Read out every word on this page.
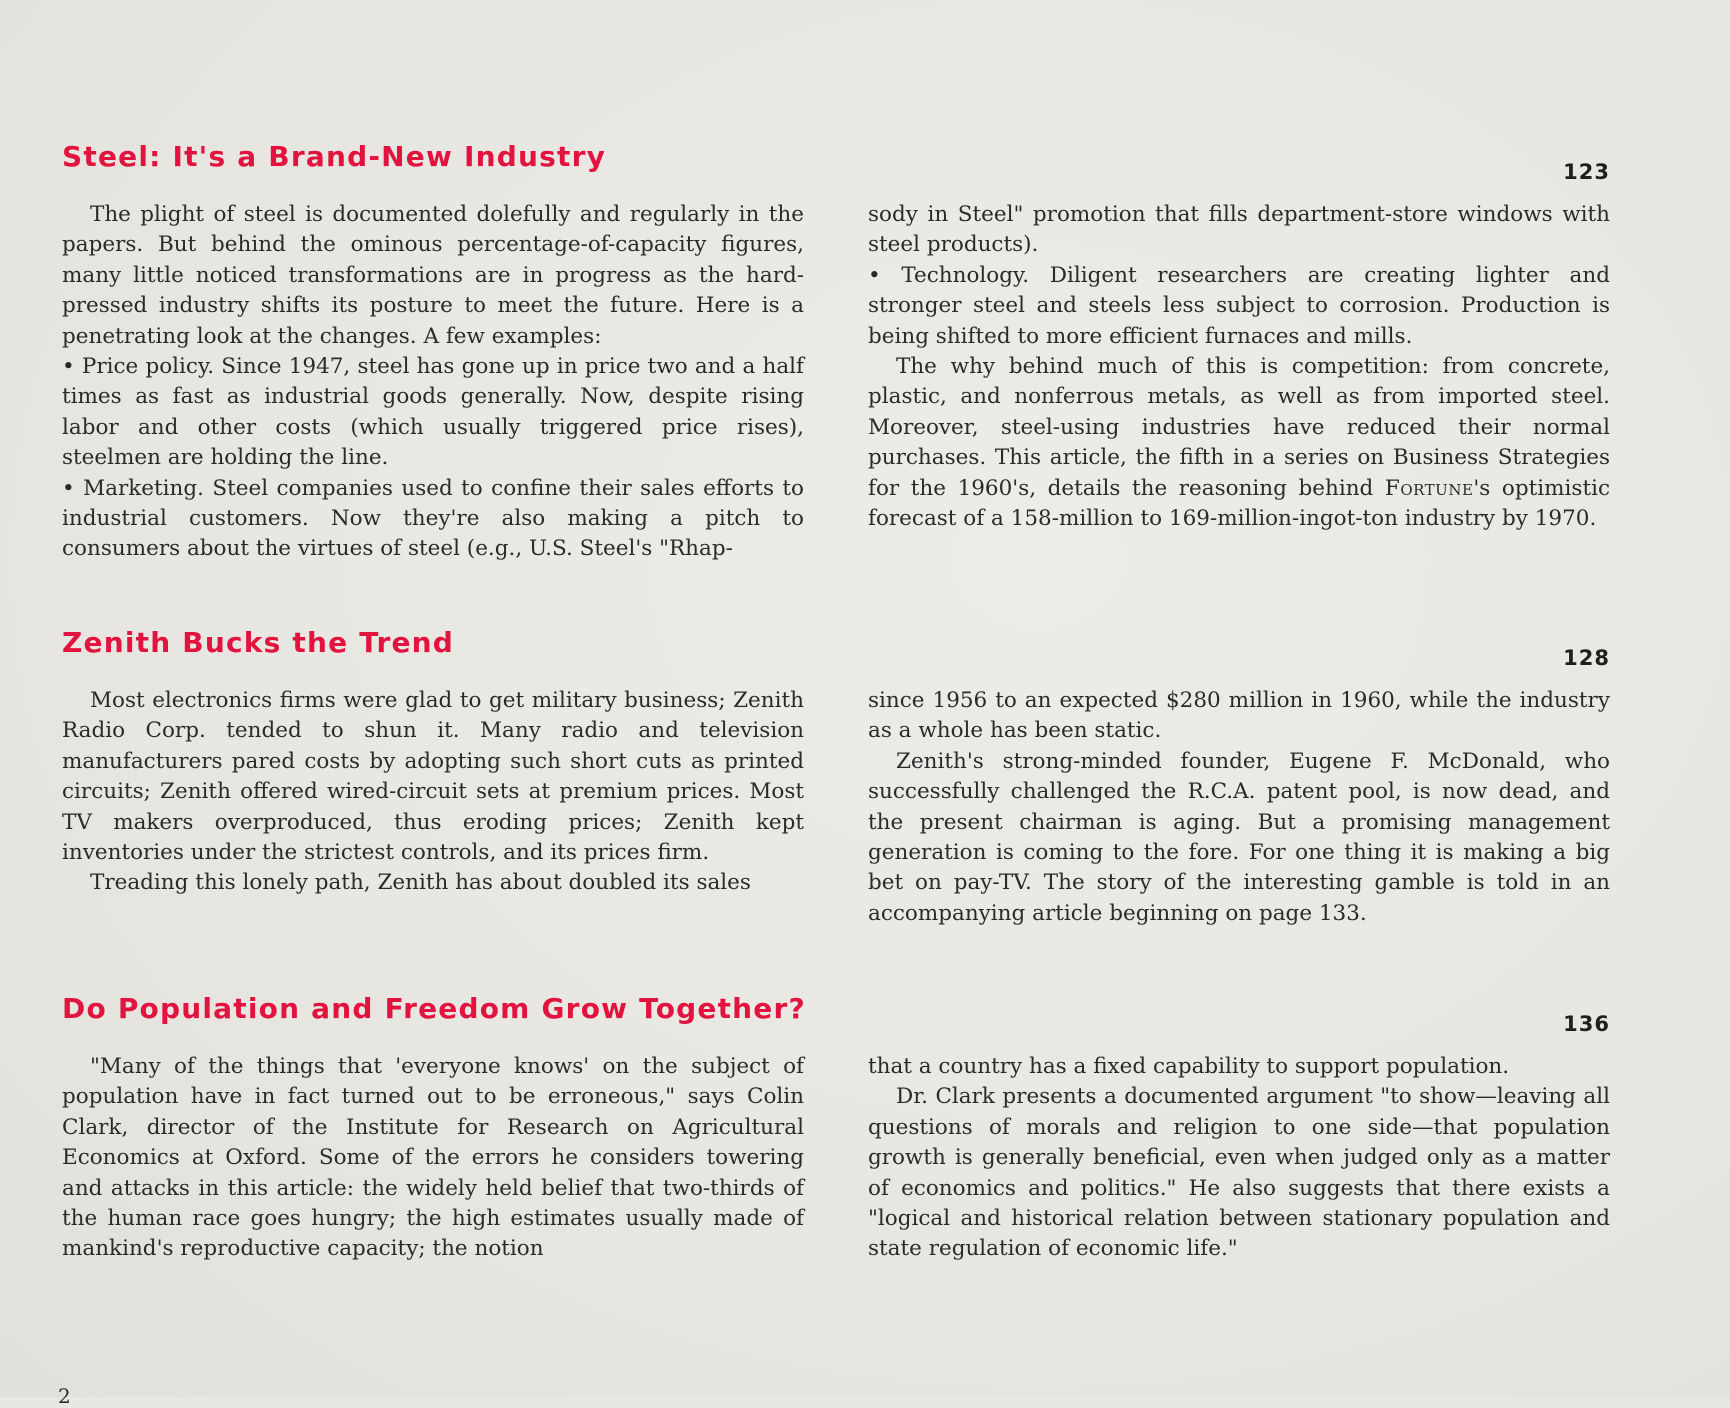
Steel: It's a Brand-New Industry	123

The plight of steel is documented dolefully and regularly in the papers. But behind the ominous percentage-of-capacity figures, many little noticed transformations are in progress as the hard-pressed industry shifts its posture to meet the future. Here is a penetrating look at the changes. A few examples:

• Price policy. Since 1947, steel has gone up in price two and a half times as fast as industrial goods generally. Now, despite rising labor and other costs (which usually triggered price rises), steelmen are holding the line.

• Marketing. Steel companies used to confine their sales efforts to industrial customers. Now they're also making a pitch to consumers about the virtues of steel (e.g., U.S. Steel's "Rhap-

sody in Steel" promotion that fills department-store windows with steel products).

• Technology. Diligent researchers are creating lighter and stronger steel and steels less subject to corrosion. Production is being shifted to more efficient furnaces and mills.

The why behind much of this is competition: from concrete, plastic, and nonferrous metals, as well as from imported steel. Moreover, steel-using industries have reduced their normal purchases. This article, the fifth in a series on Business Strategies for the 1960's, details the reasoning behind Fortune's optimistic forecast of a 158-million to 169-million-ingot-ton industry by 1970.

Zenith Bucks the Trend	128

Most electronics firms were glad to get military business; Zenith Radio Corp. tended to shun it. Many radio and television manufacturers pared costs by adopting such short cuts as printed circuits; Zenith offered wired-circuit sets at premium prices. Most TV makers overproduced, thus eroding prices; Zenith kept inventories under the strictest controls, and its prices firm.

Treading this lonely path, Zenith has about doubled its sales

since 1956 to an expected $280 million in 1960, while the industry as a whole has been static.

Zenith's strong-minded founder, Eugene F. McDonald, who successfully challenged the R.C.A. patent pool, is now dead, and the present chairman is aging. But a promising management generation is coming to the fore. For one thing it is making a big bet on pay-TV. The story of the interesting gamble is told in an accompanying article beginning on page 133.

Do Population and Freedom Grow Together?	136

"Many of the things that 'everyone knows' on the subject of population have in fact turned out to be erroneous," says Colin Clark, director of the Institute for Research on Agricultural Economics at Oxford. Some of the errors he considers towering and attacks in this article: the widely held belief that two-thirds of the human race goes hungry; the high estimates usually made of mankind's reproductive capacity; the notion

that a country has a fixed capability to support population.

Dr. Clark presents a documented argument "to show—leaving all questions of morals and religion to one side—that population growth is generally beneficial, even when judged only as a matter of economics and politics." He also suggests that there exists a "logical and historical relation between stationary population and state regulation of economic life."

2
